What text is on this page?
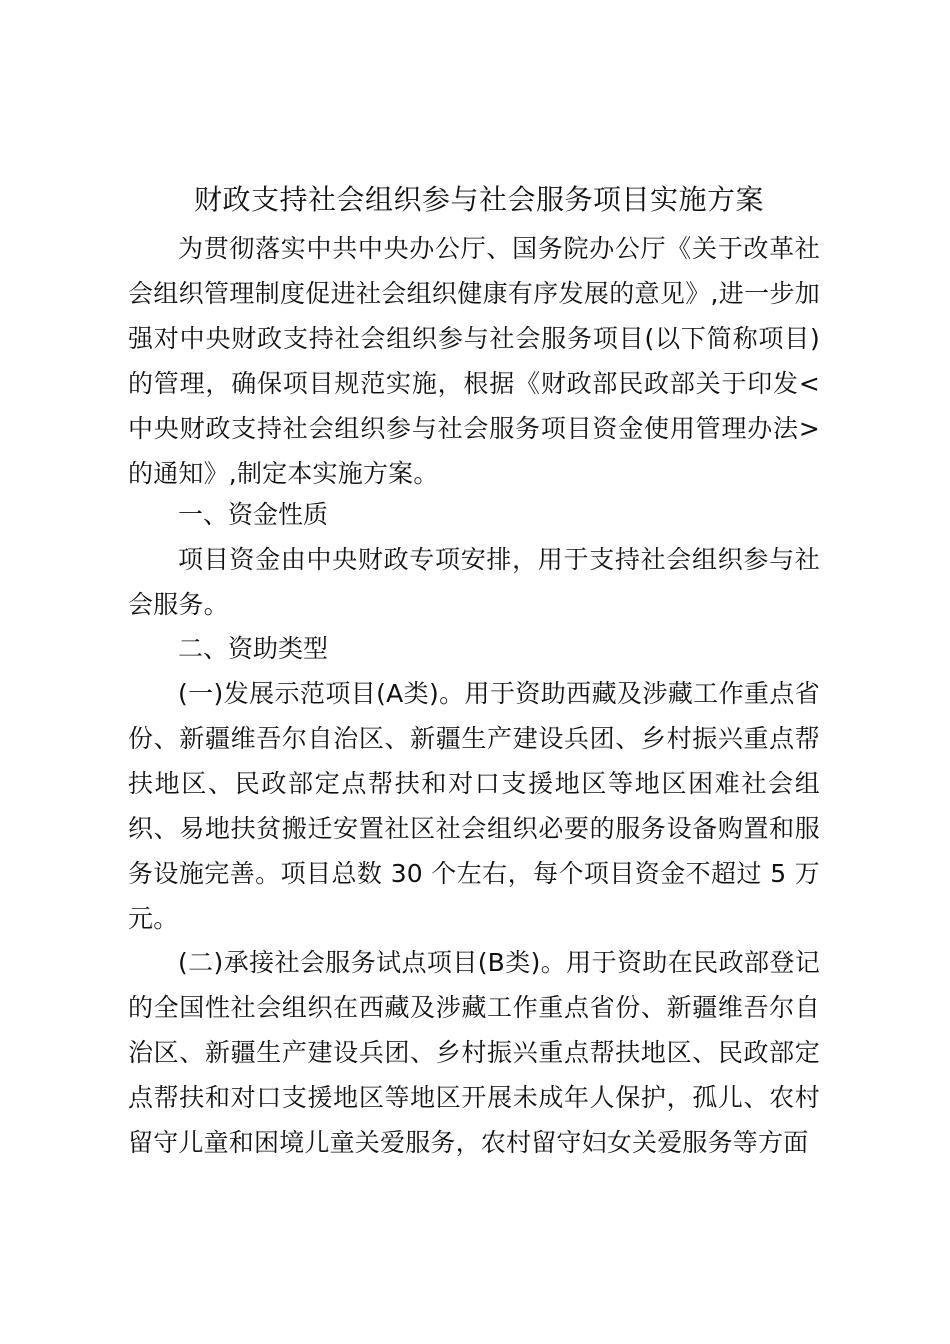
财政支持社会组织参与社会服务项目实施方案

为贯彻落实中共中央办公厅、国务院办公厅《关于改革社会组织管理制度促进社会组织健康有序发展的意见》,进一步加强对中央财政支持社会组织参与社会服务项目(以下简称项目)的管理，确保项目规范实施，根据《财政部民政部关于印发<中央财政支持社会组织参与社会服务项目资金使用管理办法>的通知》,制定本实施方案。

一、资金性质

项目资金由中央财政专项安排，用于支持社会组织参与社会服务。

二、资助类型

(一)发展示范项目(A类)。用于资助西藏及涉藏工作重点省份、新疆维吾尔自治区、新疆生产建设兵团、乡村振兴重点帮扶地区、民政部定点帮扶和对口支援地区等地区困难社会组织、易地扶贫搬迁安置社区社会组织必要的服务设备购置和服务设施完善。项目总数 30 个左右，每个项目资金不超过 5 万元。

(二)承接社会服务试点项目(B类)。用于资助在民政部登记的全国性社会组织在西藏及涉藏工作重点省份、新疆维吾尔自治区、新疆生产建设兵团、乡村振兴重点帮扶地区、民政部定点帮扶和对口支援地区等地区开展未成年人保护，孤儿、农村留守儿童和困境儿童关爱服务，农村留守妇女关爱服务等方面
